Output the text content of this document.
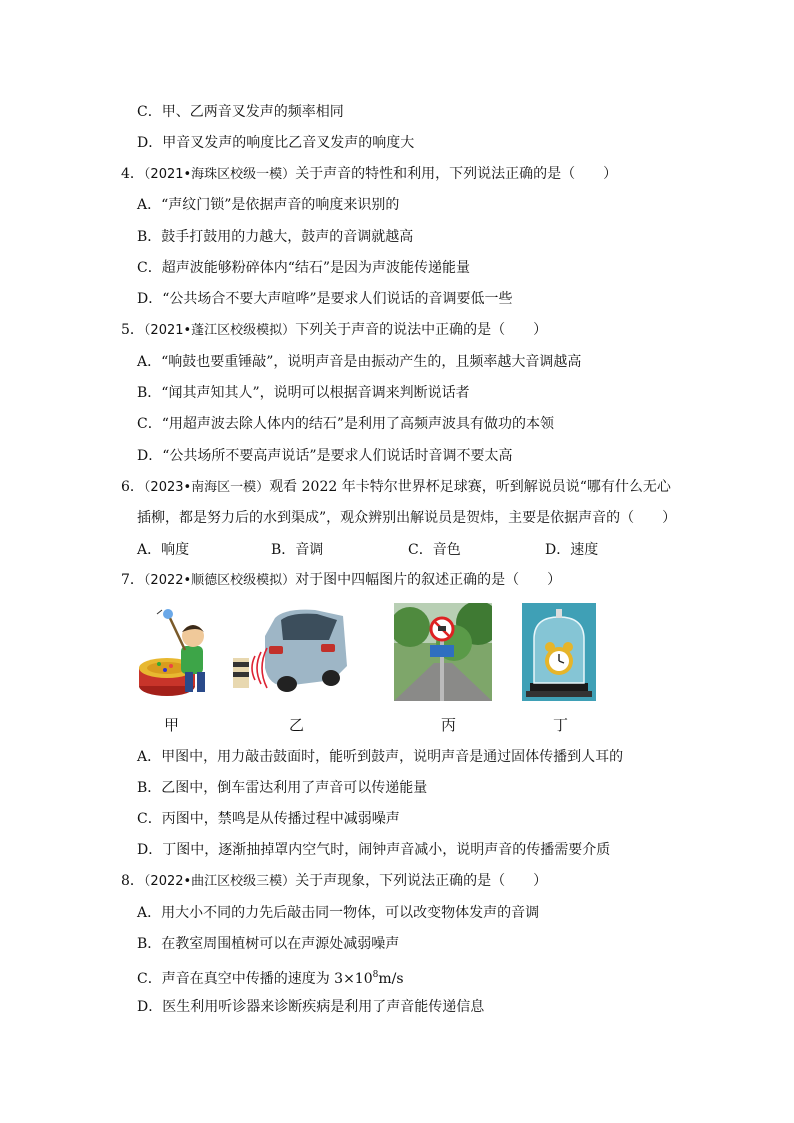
C．甲、乙两音叉发声的频率相同
D．甲音叉发声的响度比乙音叉发声的响度大
4．（2021•海珠区校级一模）关于声音的特性和利用，下列说法正确的是（　　）
A．“声纹门锁”是依据声音的响度来识别的
B．鼓手打鼓用的力越大，鼓声的音调就越高
C．超声波能够粉碎体内“结石”是因为声波能传递能量
D．“公共场合不要大声喧哗”是要求人们说话的音调要低一些
5．（2021•蓬江区校级模拟）下列关于声音的说法中正确的是（　　）
A．“响鼓也要重锤敲”，说明声音是由振动产生的，且频率越大音调越高
B．“闻其声知其人”，说明可以根据音调来判断说话者
C．“用超声波去除人体内的结石”是利用了高频声波具有做功的本领
D．“公共场所不要高声说话”是要求人们说话时音调不要太高
6．（2023•南海区一模）观看 2022 年卡特尔世界杯足球赛，听到解说员说“哪有什么无心
插柳，都是努力后的水到渠成”，观众辨别出解说员是贺炜，主要是依据声音的（　　）
A．响度	B．音调	C．音色	D．速度
7．（2022•顺德区校级模拟）对于图中四幅图片的叙述正确的是（　　）
甲	乙	丙	丁
A．甲图中，用力敲击鼓面时，能听到鼓声，说明声音是通过固体传播到人耳的
B．乙图中，倒车雷达利用了声音可以传递能量
C．丙图中，禁鸣是从传播过程中减弱噪声
D．丁图中，逐渐抽掉罩内空气时，闹钟声音减小，说明声音的传播需要介质
8．（2022•曲江区校级三模）关于声现象，下列说法正确的是（　　）
A．用大小不同的力先后敲击同一物体，可以改变物体发声的音调
B．在教室周围植树可以在声源处减弱噪声
C．声音在真空中传播的速度为 $3\times 10^8m/s$
D．医生利用听诊器来诊断疾病是利用了声音能传递信息
